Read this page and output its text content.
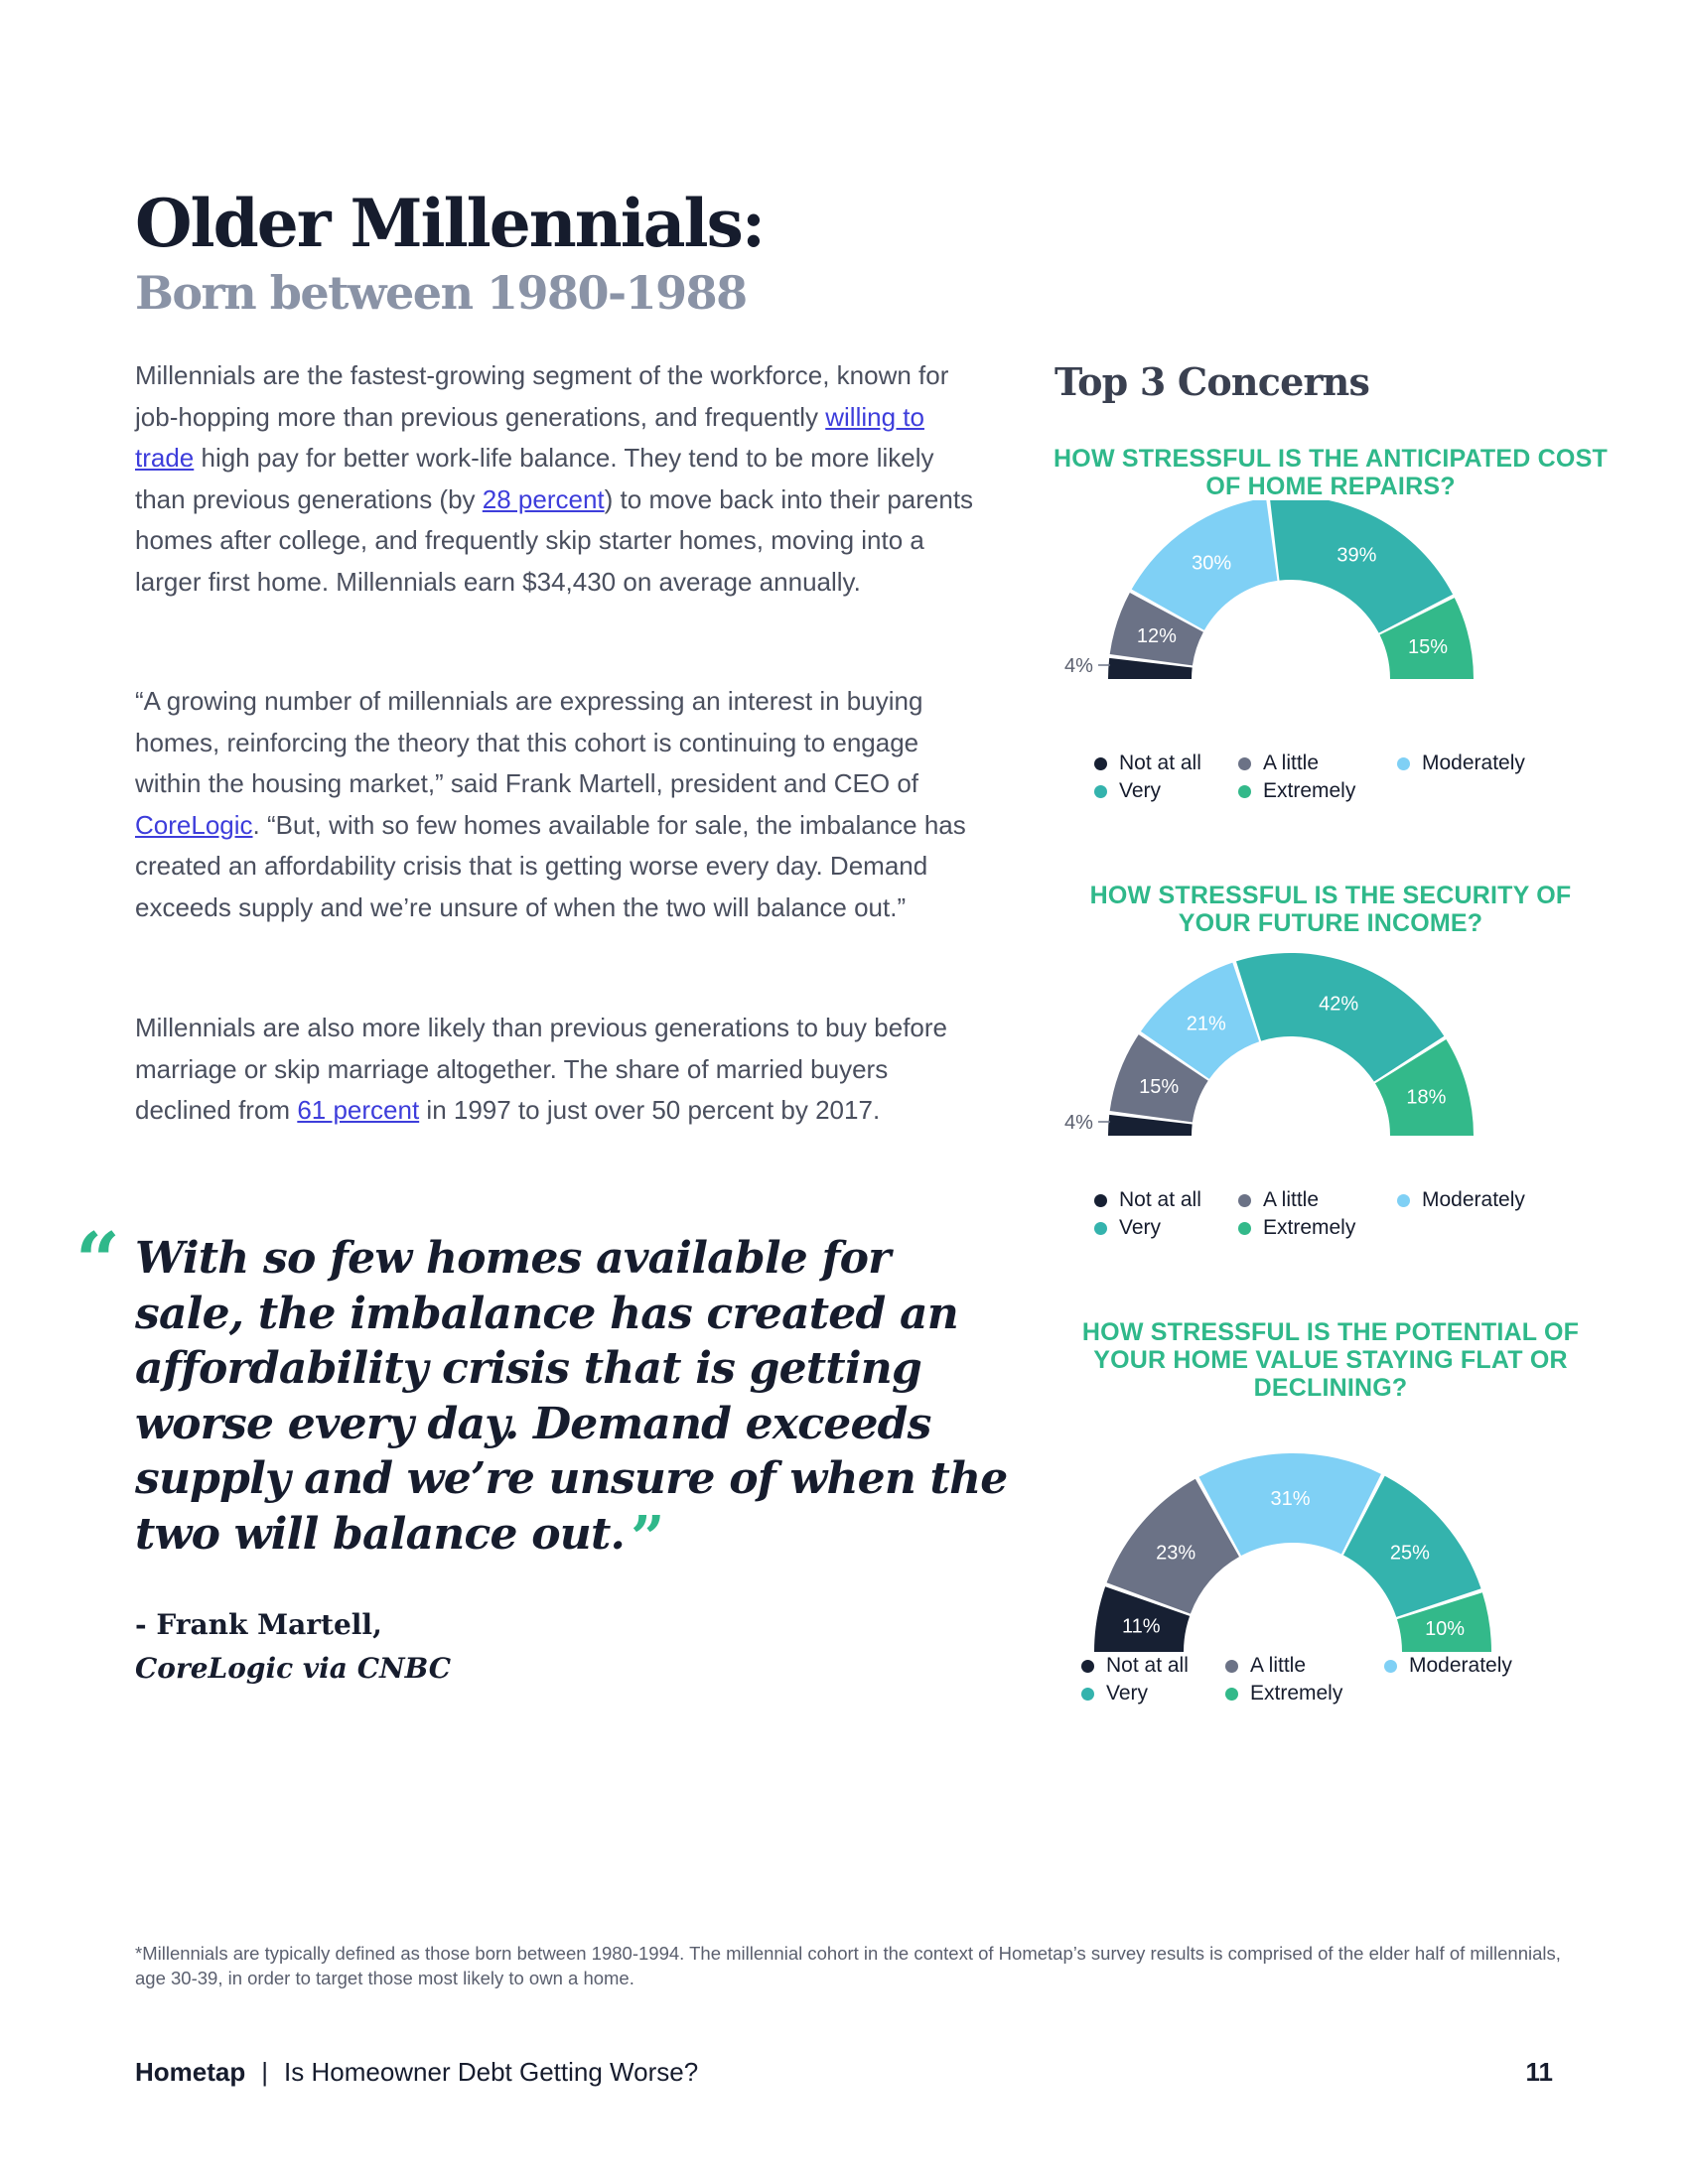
Older Millennials:
Born between 1980-1988

Millennials are the fastest-growing segment of the workforce, known for job-hopping more than previous generations, and frequently willing to trade high pay for better work-life balance. They tend to be more likely than previous generations (by 28 percent) to move back into their parents homes after college, and frequently skip starter homes, moving into a larger first home. Millennials earn $34,430 on average annually.

“A growing number of millennials are expressing an interest in buying homes, reinforcing the theory that this cohort is continuing to engage within the housing market,” said Frank Martell, president and CEO of CoreLogic. “But, with so few homes available for sale, the imbalance has created an affordability crisis that is getting worse every day. Demand exceeds supply and we’re unsure of when the two will balance out.”

Millennials are also more likely than previous generations to buy before marriage or skip marriage altogether. The share of married buyers declined from 61 percent in 1997 to just over 50 percent by 2017.

“ With so few homes available for sale, the imbalance has created an affordability crisis that is getting worse every day. Demand exceeds supply and we’re unsure of when the two will balance out. ”

- Frank Martell,
CoreLogic via CNBC

Top 3 Concerns

HOW STRESSFUL IS THE ANTICIPATED COST OF HOME REPAIRS?

4%
12%
30%	39%
15%
Not at all	A little	Moderately
Very	Extremely

HOW STRESSFUL IS THE SECURITY OF YOUR FUTURE INCOME?

4%
15%
21%
42%
18%
Not at all	A little	Moderately
Very	Extremely

HOW STRESSFUL IS THE POTENTIAL OF YOUR HOME VALUE STAYING FLAT OR DECLINING?

11%
23%
31%
25%
10%
Not at all	A little	Moderately
Very	Extremely

*Millennials are typically defined as those born between 1980-1994. The millennial cohort in the context of Hometap’s survey results is comprised of the elder half of millennials, age 30-39, in order to target those most likely to own a home.

Hometap | Is Homeowner Debt Getting Worse?	11
